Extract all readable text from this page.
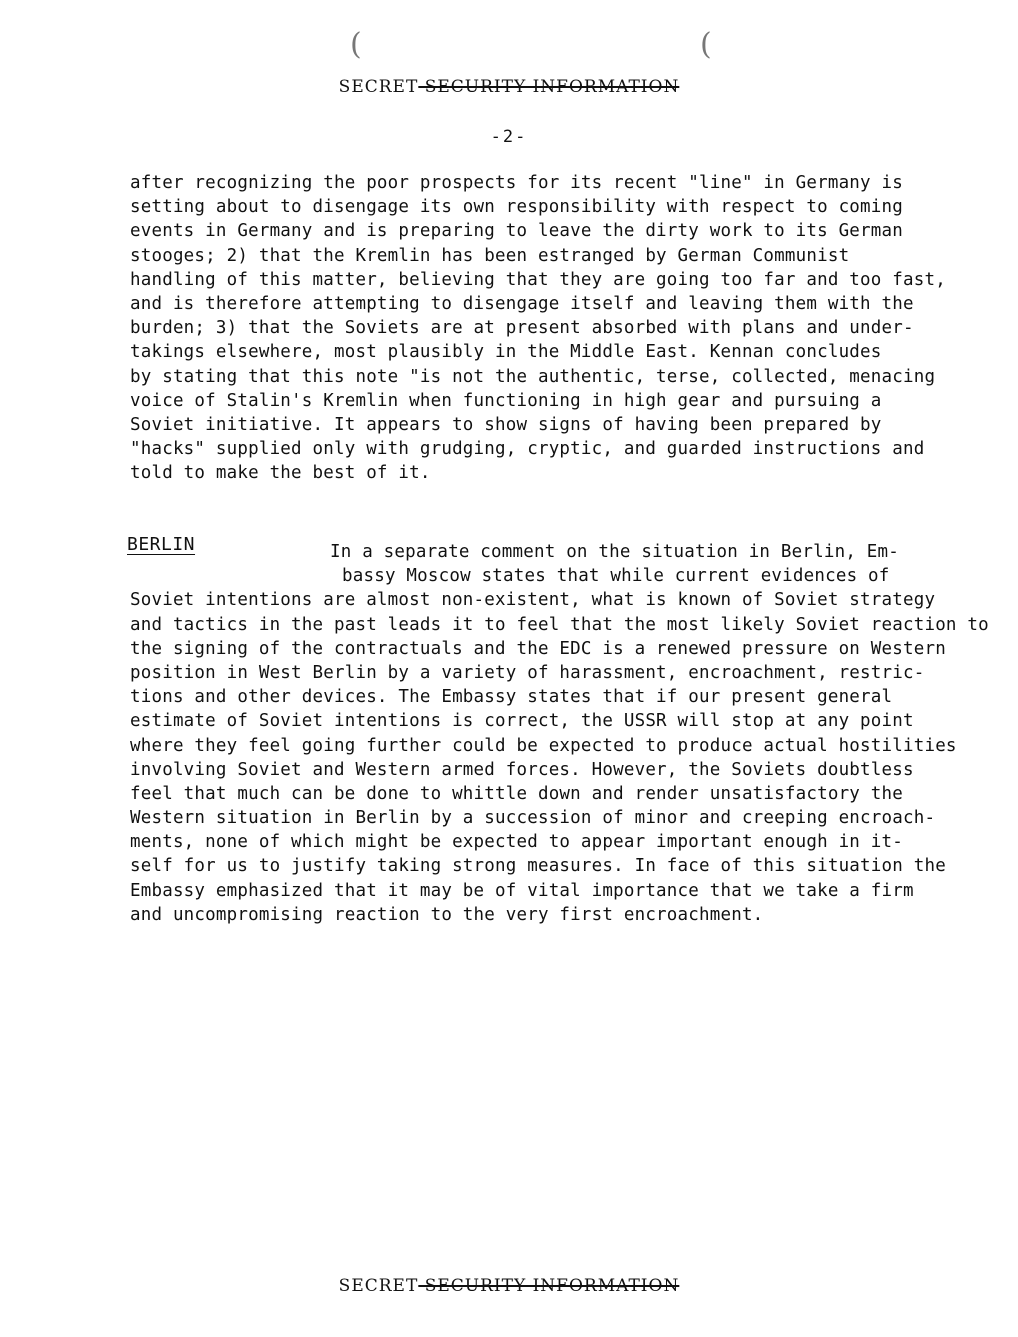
(	(
SECRET SECURITY INFORMATION
-2-
after recognizing the poor prospects for its recent "line" in Germany is
setting about to disengage its own responsibility with respect to coming
events in Germany and is preparing to leave the dirty work to its German
stooges; 2) that the Kremlin has been estranged by German Communist
handling of this matter, believing that they are going too far and too fast,
and is therefore attempting to disengage itself and leaving them with the
burden; 3) that the Soviets are at present absorbed with plans and under-
takings elsewhere, most plausibly in the Middle East. Kennan concludes
by stating that this note "is not the authentic, terse, collected, menacing
voice of Stalin's Kremlin when functioning in high gear and pursuing a
Soviet initiative. It appears to show signs of having been prepared by
"hacks" supplied only with grudging, cryptic, and guarded instructions and
told to make the best of it.
BERLIN	In a separate comment on the situation in Berlin, Em-
bassy Moscow states that while current evidences of
Soviet intentions are almost non-existent, what is known of Soviet strategy
and tactics in the past leads it to feel that the most likely Soviet reaction to
the signing of the contractuals and the EDC is a renewed pressure on Western
position in West Berlin by a variety of harassment, encroachment, restric-
tions and other devices. The Embassy states that if our present general
estimate of Soviet intentions is correct, the USSR will stop at any point
where they feel going further could be expected to produce actual hostilities
involving Soviet and Western armed forces. However, the Soviets doubtless
feel that much can be done to whittle down and render unsatisfactory the
Western situation in Berlin by a succession of minor and creeping encroach-
ments, none of which might be expected to appear important enough in it-
self for us to justify taking strong measures. In face of this situation the
Embassy emphasized that it may be of vital importance that we take a firm
and uncompromising reaction to the very first encroachment.
SECRET SECURITY INFORMATION
